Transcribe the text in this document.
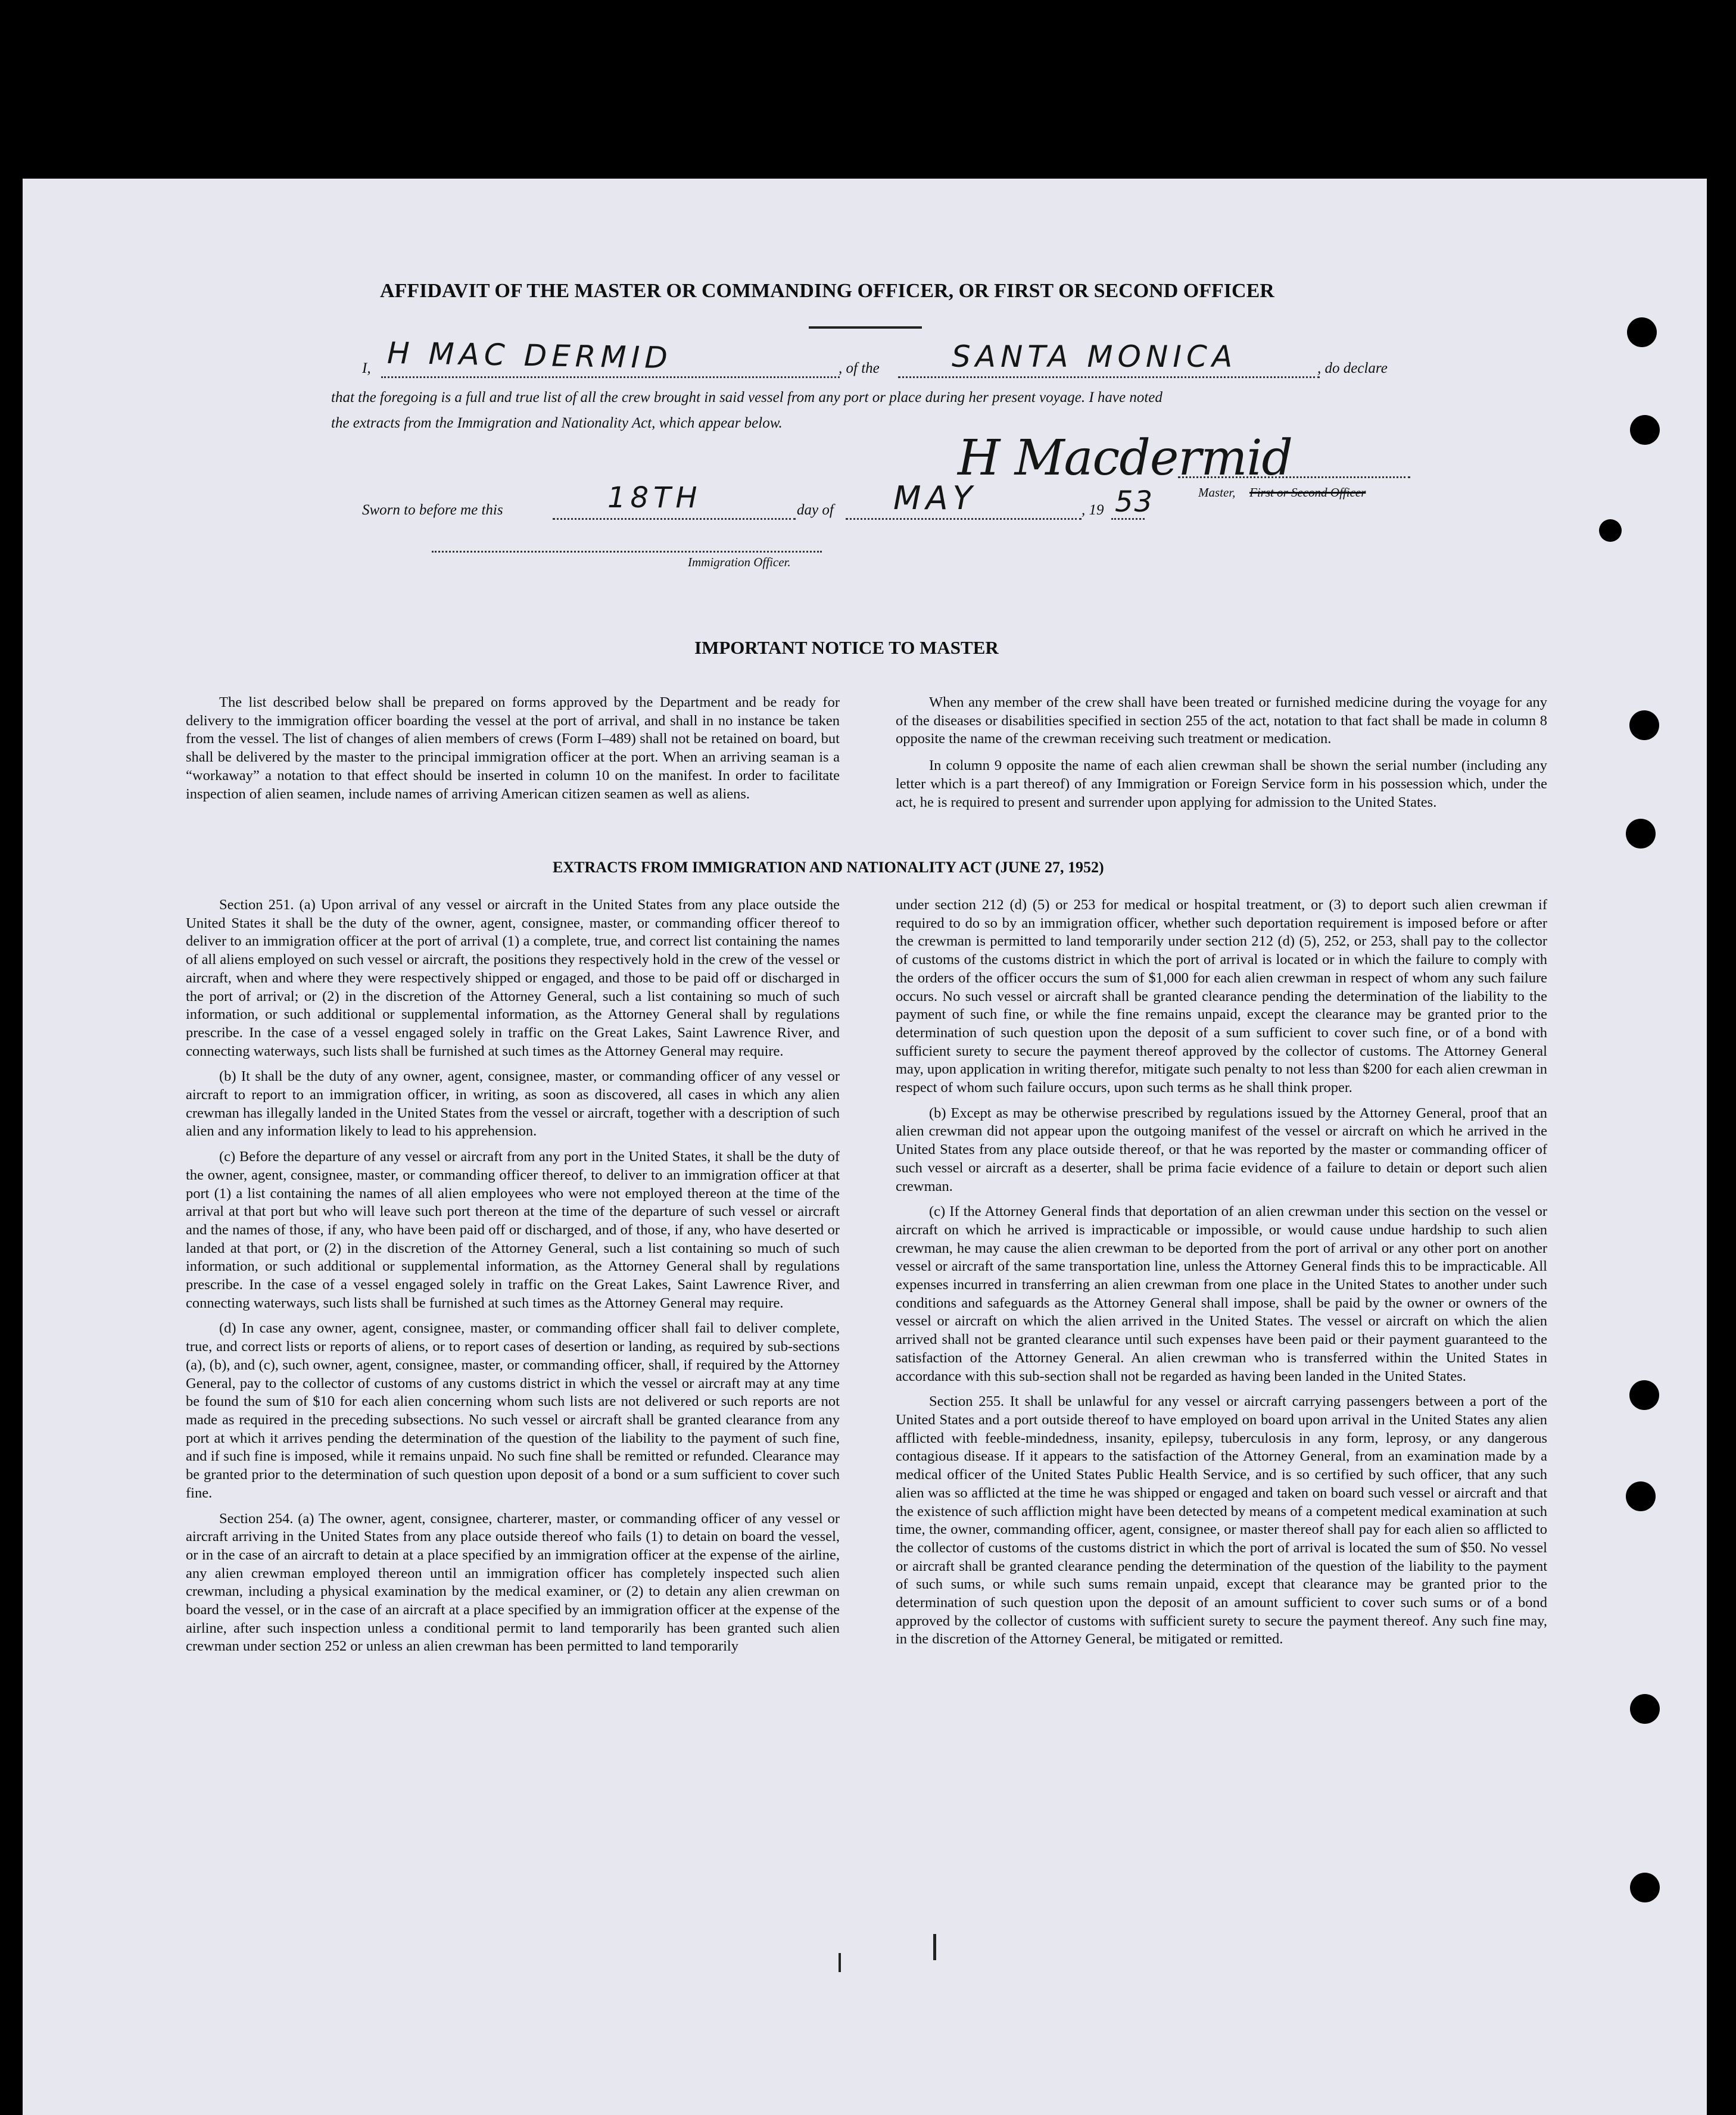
AFFIDAVIT OF THE MASTER OR COMMANDING OFFICER, OR FIRST OR SECOND OFFICER
I, H MAC DERMID	, of the SANTA MONICA	, do declare
that the foregoing is a full and true list of all the crew brought in said vessel from any port or place during her present voyage. I have noted
the extracts from the Immigration and Nationality Act, which appear below.
Sworn to before me this	18TH	day of MAY	, 19 53
H Macdermid
Master, First or Second Officer
Immigration Officer.
IMPORTANT NOTICE TO MASTER

The list described below shall be prepared on forms approved by the Department and be ready for delivery to the immigration officer boarding the vessel at the port of arrival, and shall in no instance be taken from the vessel. The list of changes of alien members of crews (Form I–489) shall not be retained on board, but shall be delivered by the master to the principal immigration officer at the port. When an arriving seaman is a “workaway” a notation to that effect should be inserted in column 10 on the manifest. In order to facilitate inspection of alien seamen, include names of arriving American citizen seamen as well as aliens.

When any member of the crew shall have been treated or furnished medicine during the voyage for any of the diseases or disabilities specified in section 255 of the act, notation to that fact shall be made in column 8 opposite the name of the crewman receiving such treatment or medication.

In column 9 opposite the name of each alien crewman shall be shown the serial number (including any letter which is a part thereof) of any Immigration or Foreign Service form in his possession which, under the act, he is required to present and surrender upon applying for admission to the United States.

EXTRACTS FROM IMMIGRATION AND NATIONALITY ACT (JUNE 27, 1952)

Section 251. (a) Upon arrival of any vessel or aircraft in the United States from any place outside the United States it shall be the duty of the owner, agent, consignee, master, or commanding officer thereof to deliver to an immigration officer at the port of arrival (1) a complete, true, and correct list containing the names of all aliens employed on such vessel or aircraft, the positions they respectively hold in the crew of the vessel or aircraft, when and where they were respectively shipped or engaged, and those to be paid off or discharged in the port of arrival; or (2) in the discretion of the Attorney General, such a list containing so much of such information, or such additional or supplemental information, as the Attorney General shall by regulations prescribe. In the case of a vessel engaged solely in traffic on the Great Lakes, Saint Lawrence River, and connecting waterways, such lists shall be furnished at such times as the Attorney General may require.

(b) It shall be the duty of any owner, agent, consignee, master, or commanding officer of any vessel or aircraft to report to an immigration officer, in writing, as soon as discovered, all cases in which any alien crewman has illegally landed in the United States from the vessel or aircraft, together with a description of such alien and any information likely to lead to his apprehension.

(c) Before the departure of any vessel or aircraft from any port in the United States, it shall be the duty of the owner, agent, consignee, master, or commanding officer thereof, to deliver to an immigration officer at that port (1) a list containing the names of all alien employees who were not employed thereon at the time of the arrival at that port but who will leave such port thereon at the time of the departure of such vessel or aircraft and the names of those, if any, who have been paid off or discharged, and of those, if any, who have deserted or landed at that port, or (2) in the discretion of the Attorney General, such a list containing so much of such information, or such additional or supplemental information, as the Attorney General shall by regulations prescribe. In the case of a vessel engaged solely in traffic on the Great Lakes, Saint Lawrence River, and connecting waterways, such lists shall be furnished at such times as the Attorney General may require.

(d) In case any owner, agent, consignee, master, or commanding officer shall fail to deliver complete, true, and correct lists or reports of aliens, or to report cases of desertion or landing, as required by sub-sections (a), (b), and (c), such owner, agent, consignee, master, or commanding officer, shall, if required by the Attorney General, pay to the collector of customs of any customs district in which the vessel or aircraft may at any time be found the sum of $10 for each alien concerning whom such lists are not delivered or such reports are not made as required in the preceding subsections. No such vessel or aircraft shall be granted clearance from any port at which it arrives pending the determination of the question of the liability to the payment of such fine, and if such fine is imposed, while it remains unpaid. No such fine shall be remitted or refunded. Clearance may be granted prior to the determination of such question upon deposit of a bond or a sum sufficient to cover such fine.

Section 254. (a) The owner, agent, consignee, charterer, master, or commanding officer of any vessel or aircraft arriving in the United States from any place outside thereof who fails (1) to detain on board the vessel, or in the case of an aircraft to detain at a place specified by an immigration officer at the expense of the airline, any alien crewman employed thereon until an immigration officer has completely inspected such alien crewman, including a physical examination by the medical examiner, or (2) to detain any alien crewman on board the vessel, or in the case of an aircraft at a place specified by an immigration officer at the expense of the airline, after such inspection unless a conditional permit to land temporarily has been granted such alien crewman under section 252 or unless an alien crewman has been permitted to land temporarily

under section 212 (d) (5) or 253 for medical or hospital treatment, or (3) to deport such alien crewman if required to do so by an immigration officer, whether such deportation requirement is imposed before or after the crewman is permitted to land temporarily under section 212 (d) (5), 252, or 253, shall pay to the collector of customs of the customs district in which the port of arrival is located or in which the failure to comply with the orders of the officer occurs the sum of $1,000 for each alien crewman in respect of whom any such failure occurs. No such vessel or aircraft shall be granted clearance pending the determination of the liability to the payment of such fine, or while the fine remains unpaid, except the clearance may be granted prior to the determination of such question upon the deposit of a sum sufficient to cover such fine, or of a bond with sufficient surety to secure the payment thereof approved by the collector of customs. The Attorney General may, upon application in writing therefor, mitigate such penalty to not less than $200 for each alien crewman in respect of whom such failure occurs, upon such terms as he shall think proper.

(b) Except as may be otherwise prescribed by regulations issued by the Attorney General, proof that an alien crewman did not appear upon the outgoing manifest of the vessel or aircraft on which he arrived in the United States from any place outside thereof, or that he was reported by the master or commanding officer of such vessel or aircraft as a deserter, shall be prima facie evidence of a failure to detain or deport such alien crewman.

(c) If the Attorney General finds that deportation of an alien crewman under this section on the vessel or aircraft on which he arrived is impracticable or impossible, or would cause undue hardship to such alien crewman, he may cause the alien crewman to be deported from the port of arrival or any other port on another vessel or aircraft of the same transportation line, unless the Attorney General finds this to be impracticable. All expenses incurred in transferring an alien crewman from one place in the United States to another under such conditions and safeguards as the Attorney General shall impose, shall be paid by the owner or owners of the vessel or aircraft on which the alien arrived in the United States. The vessel or aircraft on which the alien arrived shall not be granted clearance until such expenses have been paid or their payment guaranteed to the satisfaction of the Attorney General. An alien crewman who is transferred within the United States in accordance with this sub-section shall not be regarded as having been landed in the United States.

Section 255. It shall be unlawful for any vessel or aircraft carrying passengers between a port of the United States and a port outside thereof to have employed on board upon arrival in the United States any alien afflicted with feeble-mindedness, insanity, epilepsy, tuberculosis in any form, leprosy, or any dangerous contagious disease. If it appears to the satisfaction of the Attorney General, from an examination made by a medical officer of the United States Public Health Service, and is so certified by such officer, that any such alien was so afflicted at the time he was shipped or engaged and taken on board such vessel or aircraft and that the existence of such affliction might have been detected by means of a competent medical examination at such time, the owner, commanding officer, agent, consignee, or master thereof shall pay for each alien so afflicted to the collector of customs of the customs district in which the port of arrival is located the sum of $50. No vessel or aircraft shall be granted clearance pending the determination of the question of the liability to the payment of such sums, or while such sums remain unpaid, except that clearance may be granted prior to the determination of such question upon the deposit of an amount sufficient to cover such sums or of a bond approved by the collector of customs with sufficient surety to secure the payment thereof. Any such fine may, in the discretion of the Attorney General, be mitigated or remitted.
